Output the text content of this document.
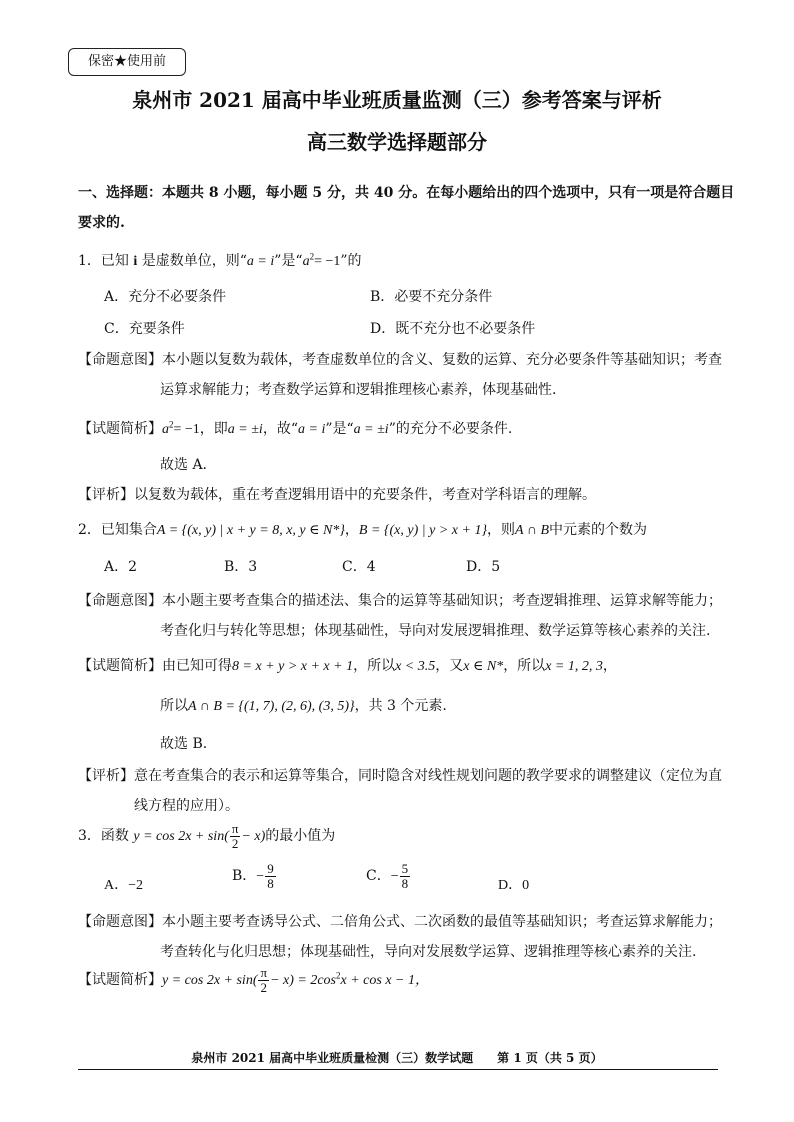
保密★使用前
泉州市 2021 届高中毕业班质量监测（三）参考答案与评析
高三数学选择题部分
一、选择题：本题共 8 小题，每小题 5 分，共 40 分。在每小题给出的四个选项中，只有一项是符合题目
要求的.
1．已知 i 是虚数单位，则“a = i”是“$a^2= -1$”的
A．充分不必要条件	B．必要不充分条件
C．充要条件	D．既不充分也不必要条件
【命题意图】本小题以复数为载体，考查虚数单位的含义、复数的运算、充分必要条件等基础知识；考查
运算求解能力；考查数学运算和逻辑推理核心素养，体现基础性.
【试题简析】$a^2= -1$，即a = ±i，故“a = i”是“a = ±i”的充分不必要条件.
故选 A.
【评析】以复数为载体，重在考查逻辑用语中的充要条件，考查对学科语言的理解。
2．已知集合A = {(x, y) | x + y = 8, x, y ∈ N*}，B = {(x, y) | y > x + 1}，则A ∩ B中元素的个数为
A．2	B．3	C．4	D．5
【命题意图】本小题主要考查集合的描述法、集合的运算等基础知识；考查逻辑推理、运算求解等能力；
考查化归与转化等思想；体现基础性，导向对发展逻辑推理、数学运算等核心素养的关注.
【试题简析】由已知可得8 = x + y > x + x + 1，所以x < 3.5，又x ∈ N*，所以x = 1, 2, 3，
所以A ∩ B = {(1, 7), (2, 6), (3, 5)}，共 3 个元素.
故选 B.
【评析】意在考查集合的表示和运算等集合，同时隐含对线性规划问题的教学要求的调整建议（定位为直
线方程的应用）。
3．函数 $y = \cos 2x + \sin( \frac{\pi}{2} - x)$的最小值为
A．−2
B．− $\frac{9}{8}$	C．− $\frac{5}{8}$	D．0
【命题意图】本小题主要考查诱导公式、二倍角公式、二次函数的最值等基础知识；考查运算求解能力；
考查转化与化归思想；体现基础性，导向对发展数学运算、逻辑推理等核心素养的关注.
【试题简析】$y = \cos 2x + \sin( \frac{\pi}{2} - x) = 2\cos^2x + \cos x - 1$，
泉州市 2021 届高中毕业班质量检测（三）数学试题　　第 1 页（共 5 页）
